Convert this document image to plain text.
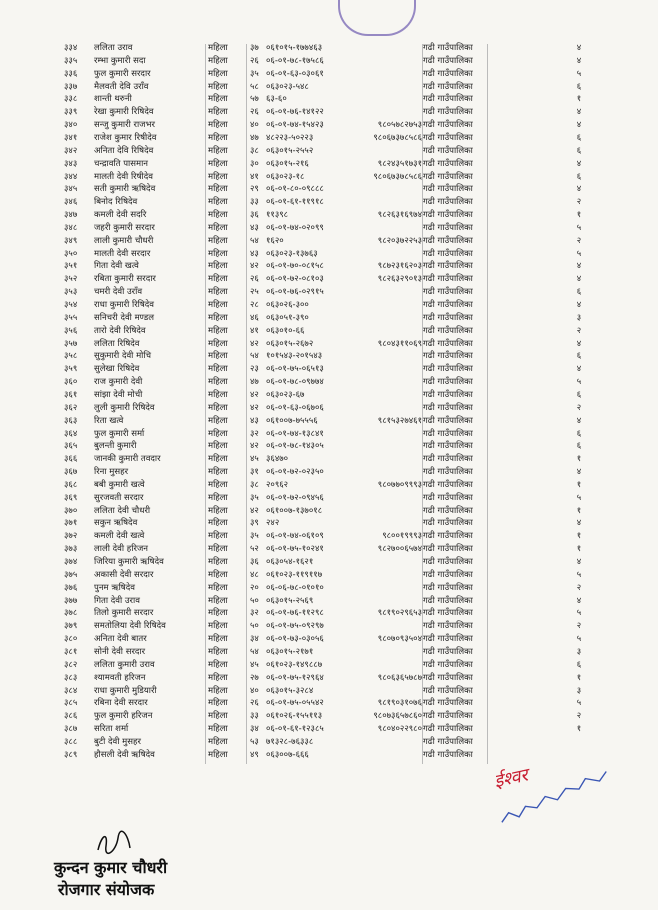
३३४	ललिता उराव	महिला	३७ ०६१०१५-१७७४६३	गढी गाउँपालिका	४
३३५	रम्भा कुमारी सदा	महिला	२६ ०६-०१-७८-१७५८६	गढी गाउँपालिका	४
३३६	फुल कुमारी सरदार	महिला	३५ ०६-०१-६३-०३०६१	गढी गाउँपालिका	५
३३७	मैलवती देवि उराँव	महिला	५८ ०६३०२३-५४८	गढी गाउँपालिका	६
३३८	शान्ती थरुनी	महिला	५७ ६३-६०	गढी गाउँपालिका	१
३३९	रेखा कुमारी रिषिदेव	महिला	२६ ०६-०१-७६-१४१२२	गढी गाउँपालिका	४
३४०	सन्जु कुमारी राजभर	महिला	४० ०६-०१-७४-१५४२३	९८०५७८२७५३ गढी गाउँपालिका	४
३४१	राजेश कुमार रिषीदेव	महिला	४७ ४८२२३-५०२२३	९८०६७३७८५८६ गढी गाउँपालिका	६
३४२	अनिता देवि रिषिदेव	महिला	३८ ०६३०१५-२५५२	गढी गाउँपालिका	६
३४३	चन्द्रावति पासमान	महिला	३० ०६३०१५-२१६	९८२४३५१७३१ गढी गाउँपालिका	४
३४४	मालती देवी रिषीदेव	महिला	४१ ०६३०२३-१८	९८०६७३७८५८६ गढी गाउँपालिका	६
३४५	सती कुमारी ऋषिदेव	महिला	२९ ०६-०१-८०-०९८८८	गढी गाउँपालिका	४
३४६	बिनोद रिषिदेव	महिला	३३ ०६-०१-६१-११९१८	गढी गाउँपालिका	२
३४७	कमली देवी सदरि	महिला	३६ ११३९८	९८२६३१६९७४ गढी गाउँपालिका	१
३४८	जहरी कुमारी सरदार	महिला	४३ ०६-०१-७४-०२०९९	गढी गाउँपालिका	५
३४९	लाली कुमारी चौधरी	महिला	५४ १६२०	९८२०३७२२५३ गढी गाउँपालिका	२
३५०	मालती देवी सरदार	महिला	४३ ०६३०२३-१३७६३	गढी गाउँपालिका	५
३५१	गिता देवी खत्वे	महिला	४२ ०६-०१-७०-०८१५८	९८७२३१६२०३ गढी गाउँपालिका	४
३५२	रबिता कुमारी सरदार	महिला	२६ ०६-०१-७२-०८१०३	९८२६३२९०१३ गढी गाउँपालिका	४
३५३	चमरी देवी उराँव	महिला	२५ ०६-०१-७६-०२९१५	गढी गाउँपालिका	६
३५४	राधा कुमारी रिषिदेव	महिला	२८ ०६३०२६-३००	गढी गाउँपालिका	४
३५५	सनिचरी देवी मण्डल	महिला	४६ ०६३०५१-३९०	गढी गाउँपालिका	३
३५६	तारो देवी रिषिदेव	महिला	४१ ०६३०१०-६६	गढी गाउँपालिका	२
३५७	ललिता रिषिदेव	महिला	४२ ०६३०१५-२६७२	९८०४३११०६९ गढी गाउँपालिका	४
३५८	सुकुमारी देवी मोचि	महिला	५४ १०१५४३-२०१५४३	गढी गाउँपालिका	६
३५९	सुलेखा रिषिदेव	महिला	२३ ०६-०१-७५-०६५१३	गढी गाउँपालिका	४
३६०	राज कुमारी देवी	महिला	४७ ०६-०१-७८-०९७७४	गढी गाउँपालिका	५
३६१	सांझा देवी मोची	महिला	४२ ०६३०२३-६७	गढी गाउँपालिका	६
३६२	लुली कुमारी रिषिदेव	महिला	४२ ०६-०१-६३-०६७०६	गढी गाउँपालिका	२
३६३	रिता खत्वे	महिला	४३ ०६१००७-७५५५६	९८१५३२७४६१ गढी गाउँपालिका	४
३६४	फुल कुमारी सर्मा	महिला	३२ ०६-०१-७४-१३८४१	गढी गाउँपालिका	६
३६५	बुलन्ती कुमारी	महिला	४२ ०६-०१-७८-१४३०५	गढी गाउँपालिका	६
३६६	जानकी कुमारी तवदार	महिला	४५ ३६४७०	गढी गाउँपालिका	१
३६७	रिना मुसहर	महिला	३१ ०६-०१-७२-०२३५०	गढी गाउँपालिका	४
३६८	बबी कुमारी खत्वे	महिला	३८ २०९६२	९८०७७०९९९३ गढी गाउँपालिका	१
३६९	सुरजवती सरदार	महिला	३५ ०६-०१-७२-०९४५६	गढी गाउँपालिका	५
३७०	ललिता देवी चौधरी	महिला	४२ ०६१००७-१३७०१८	गढी गाउँपालिका	१
३७१	सकुन ऋषिदेव	महिला	३९ २४२	गढी गाउँपालिका	४
३७२	कमली देवी खत्वे	महिला	३५ ०६-०१-७४-०६१०९	९८००१९९९३ गढी गाउँपालिका	१
३७३	लाली देवी हरिजन	महिला	५२ ०६-०१-७५-१०२४१	९८२७००६५७४ गढी गाउँपालिका	१
३७४	जिरिया कुमारी ऋषिदेव	महिला	३६ ०६३०५४-१६२१	गढी गाउँपालिका	४
३७५	अकासी देवी सरदार	महिला	४८ ०६१०२३-११९११७	गढी गाउँपालिका	५
३७६	पुनम ऋषिदेव	महिला	२० ०६-०६-७८-०१०१०	गढी गाउँपालिका	२
३७७	गिता देवी उराव	महिला	५० ०६३०१५-२५६९	गढी गाउँपालिका	४
३७८	तिलो कुमारी सरदार	महिला	३२ ०६-०१-७६-११२९८	९८१९०२९६५३ गढी गाउँपालिका	५
३७९	समतोलिया देवी रिषिदेव	महिला	५० ०६-०१-७५-०९२९७	गढी गाउँपालिका	२
३८०	अनिता देवी बातर	महिला	३४ ०६-०१-७३-०३०५६	९८०७०९३५०४ गढी गाउँपालिका	५
३८१	सोनी देवी सरदार	महिला	५४ ०६३०१५-२१७१	गढी गाउँपालिका	३
३८२	ललिता कुमारी उराव	महिला	४५ ०६१०२३-१४९८८७	गढी गाउँपालिका	६
३८३	श्यामवती हरिजन	महिला	२७ ०६-०१-७५-१२९६४	९८०६३६५७८७ गढी गाउँपालिका	१
३८४	राधा कुमारी मुडियारी	महिला	४० ०६३०१५-३२८४	गढी गाउँपालिका	३
३८५	रबिना देवी सरदार	महिला	२६ ०६-०१-७५-०५५४२	९८१९०३१०७६ गढी गाउँपालिका	५
३८६	फुल कुमारी हरिजन	महिला	३३ ०६१०२६-१५५११३	९८०७३६५७८६० गढी गाउँपालिका	२
३८७	सरिता शर्मा	महिला	३४ ०६-०१-६१-१२३८५	९८०४०२२९८० गढी गाउँपालिका	१
३८८	बुटी देवी मुसहर	महिला	५३ ७१३२८-७६३३८	गढी गाउँपालिका
३८९	हौसली देवी ऋषिदेव	महिला	४९ ०६३००७-६६६	गढी गाउँपालिका
ईश्वर
कुन्दन कुमार चौधरी
रोजगार संयोजक
